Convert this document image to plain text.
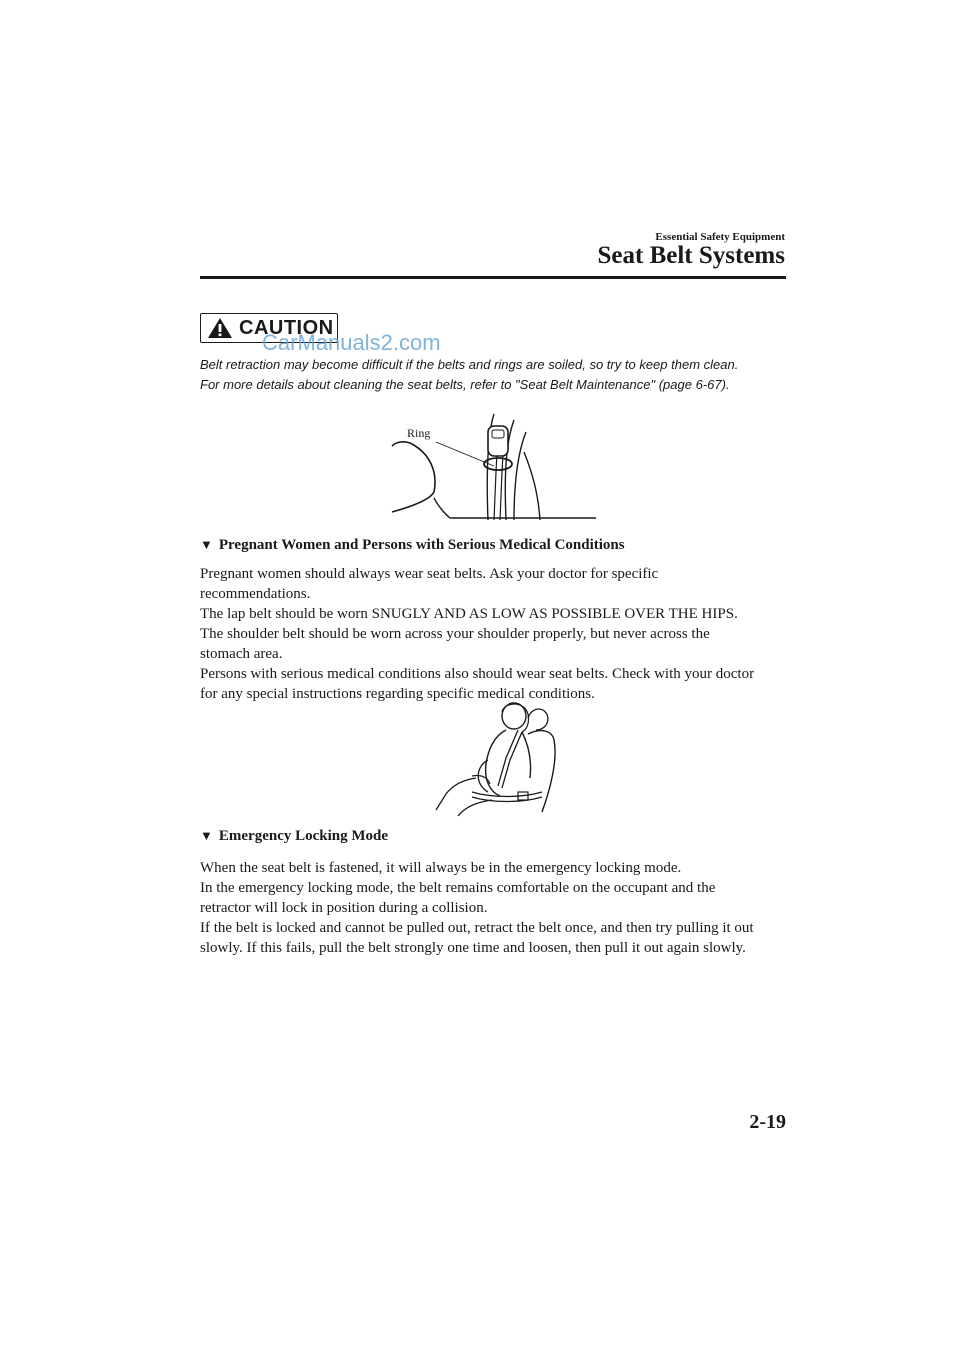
Essential Safety Equipment
Seat Belt Systems
CAUTION
CarManuals2.com

Belt retraction may become difficult if the belts and rings are soiled, so try to keep them clean.

For more details about cleaning the seat belts, refer to "Seat Belt Maintenance" (page 6-67).

Ring
▼ Pregnant Women and Persons with Serious Medical Conditions

Pregnant women should always wear seat belts. Ask your doctor for specific

recommendations.

The lap belt should be worn SNUGLY AND AS LOW AS POSSIBLE OVER THE HIPS.

The shoulder belt should be worn across your shoulder properly, but never across the

stomach area.

Persons with serious medical conditions also should wear seat belts. Check with your doctor

for any special instructions regarding specific medical conditions.

▼ Emergency Locking Mode

When the seat belt is fastened, it will always be in the emergency locking mode.

In the emergency locking mode, the belt remains comfortable on the occupant and the

retractor will lock in position during a collision.

If the belt is locked and cannot be pulled out, retract the belt once, and then try pulling it out

slowly. If this fails, pull the belt strongly one time and loosen, then pull it out again slowly.

2-19
